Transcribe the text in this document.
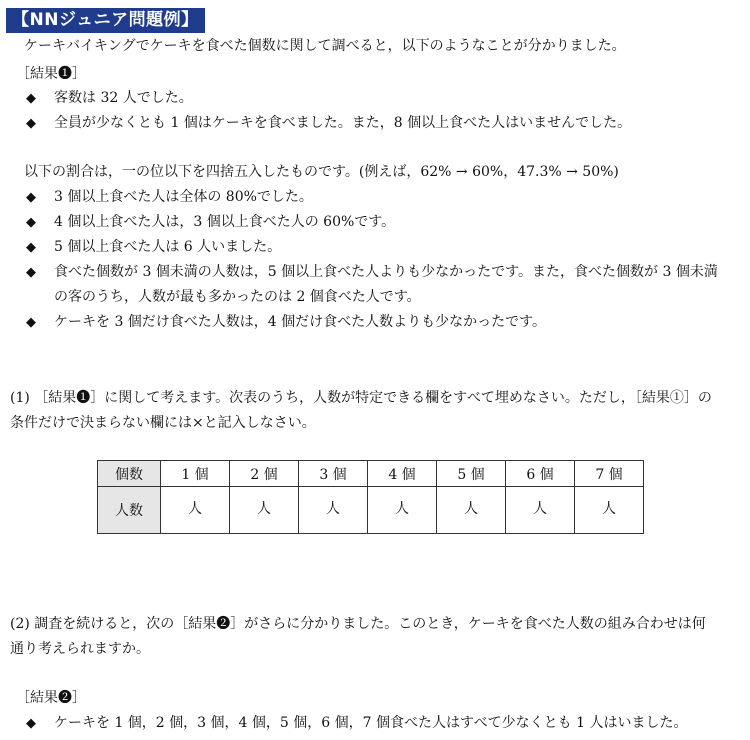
【NNジュニア問題例】
ケーキバイキングでケーキを食べた個数に関して調べると，以下のようなことが分かりました。
［結果❶］
◆ 客数は 32 人でした。
◆ 全員が少なくとも 1 個はケーキを食べました。また，8 個以上食べた人はいませんでした。
以下の割合は，一の位以下を四捨五入したものです。(例えば，62% → 60%，47.3% → 50%)
◆ 3 個以上食べた人は全体の 80%でした。
◆ 4 個以上食べた人は，3 個以上食べた人の 60%です。
◆ 5 個以上食べた人は 6 人いました。
◆ 食べた個数が 3 個未満の人数は，5 個以上食べた人よりも少なかったです。また，食べた個数が 3 個未満
の客のうち，人数が最も多かったのは 2 個食べた人です。
◆ ケーキを 3 個だけ食べた人数は，4 個だけ食べた人数よりも少なかったです。
(1) ［結果❶］に関して考えます。次表のうち，人数が特定できる欄をすべて埋めなさい。ただし，［結果①］の
条件だけで決まらない欄には×と記入しなさい。
個数	1 個	2 個	3 個	4 個	5 個	6 個	7 個
人数	人	人	人	人	人	人	人
(2) 調査を続けると，次の［結果❷］がさらに分かりました。このとき，ケーキを食べた人数の組み合わせは何
通り考えられますか。
［結果❷］
◆ ケーキを 1 個，2 個，3 個，4 個，5 個，6 個，7 個食べた人はすべて少なくとも 1 人はいました。
